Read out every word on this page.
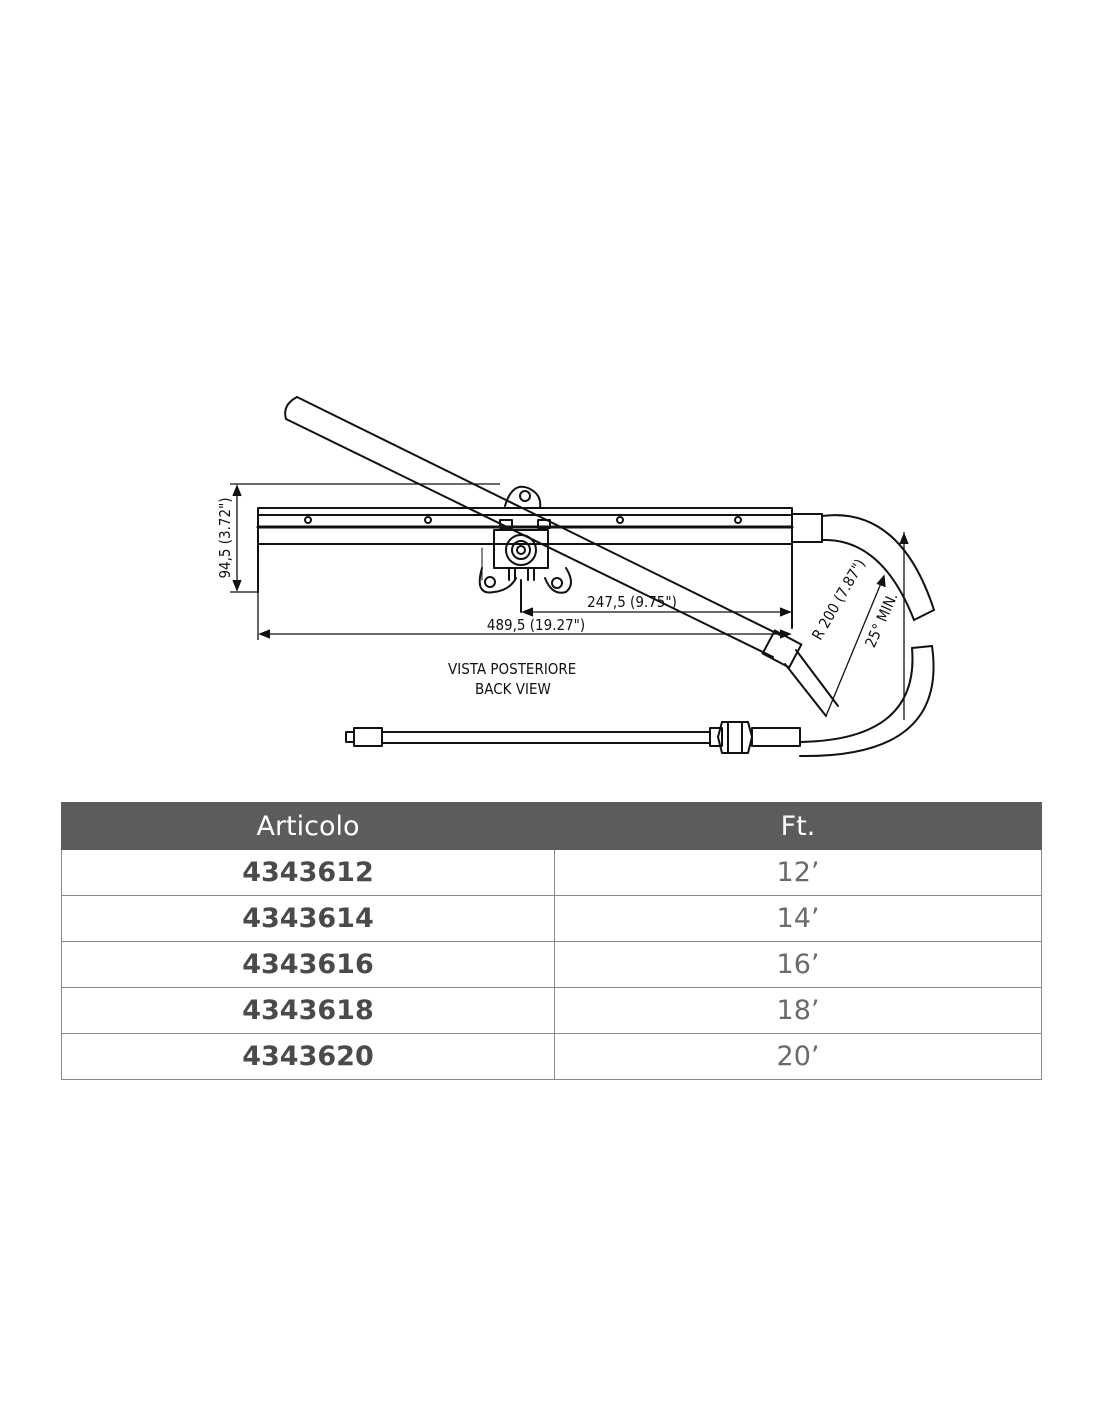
94,5 (3.72")
247,5 (9.75")
489,5 (19.27")	R 200 (7.87")
25° MIN.
VISTA POSTERIORE
BACK VIEW
Articolo	Ft.
4343612	12’
4343614	14’
4343616	16’
4343618	18’
4343620	20’
